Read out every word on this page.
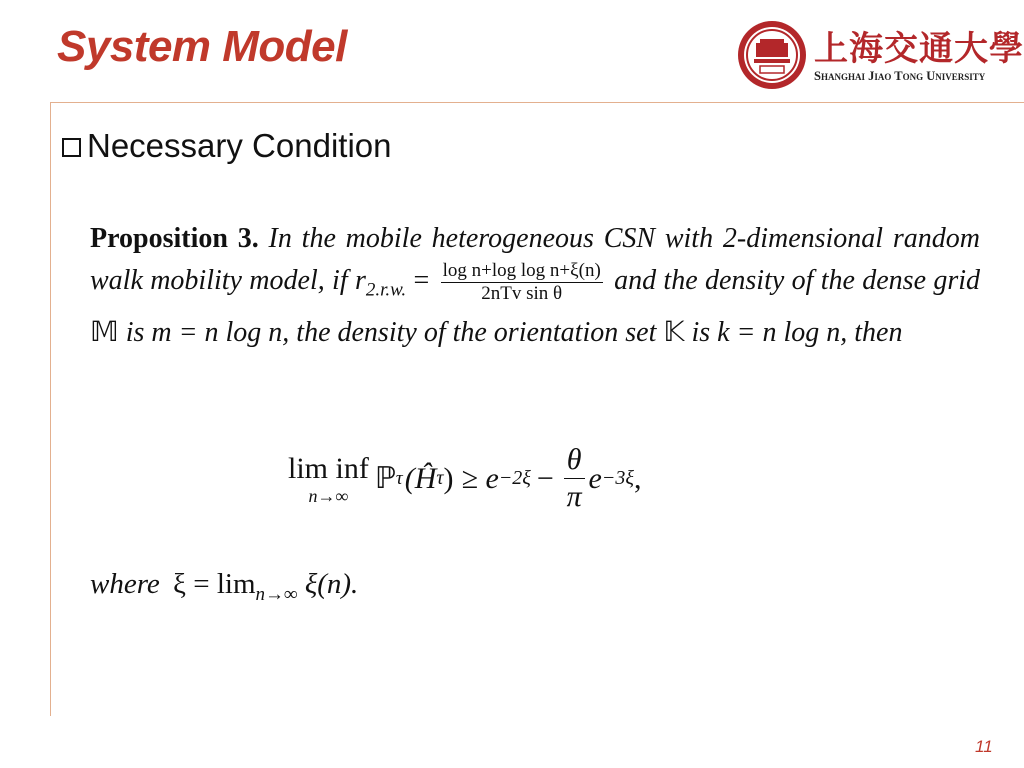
System Model	上海交通大學
Shanghai Jiao Tong University
Necessary Condition
Proposition 3. In the mobile heterogeneous CSN with 2-dimensional random walk mobility model, if $r_{2.r.w.} = \frac{\text{log n+log log n+ξ(n)}}{\text{2nTv sin θ}}$ and the density of the dense grid 𝕄 is m = n log n, the density of the orientation set 𝕂 is k = n log n, then
lim inf
n→∞
ℙ τ (Ĥ τ ) ≥ $e -2\xi - \frac{\theta}{\pi}$ e −3ξ ,
where $\xi = \lim_{n\to\infty} \xi(n)$.
11
